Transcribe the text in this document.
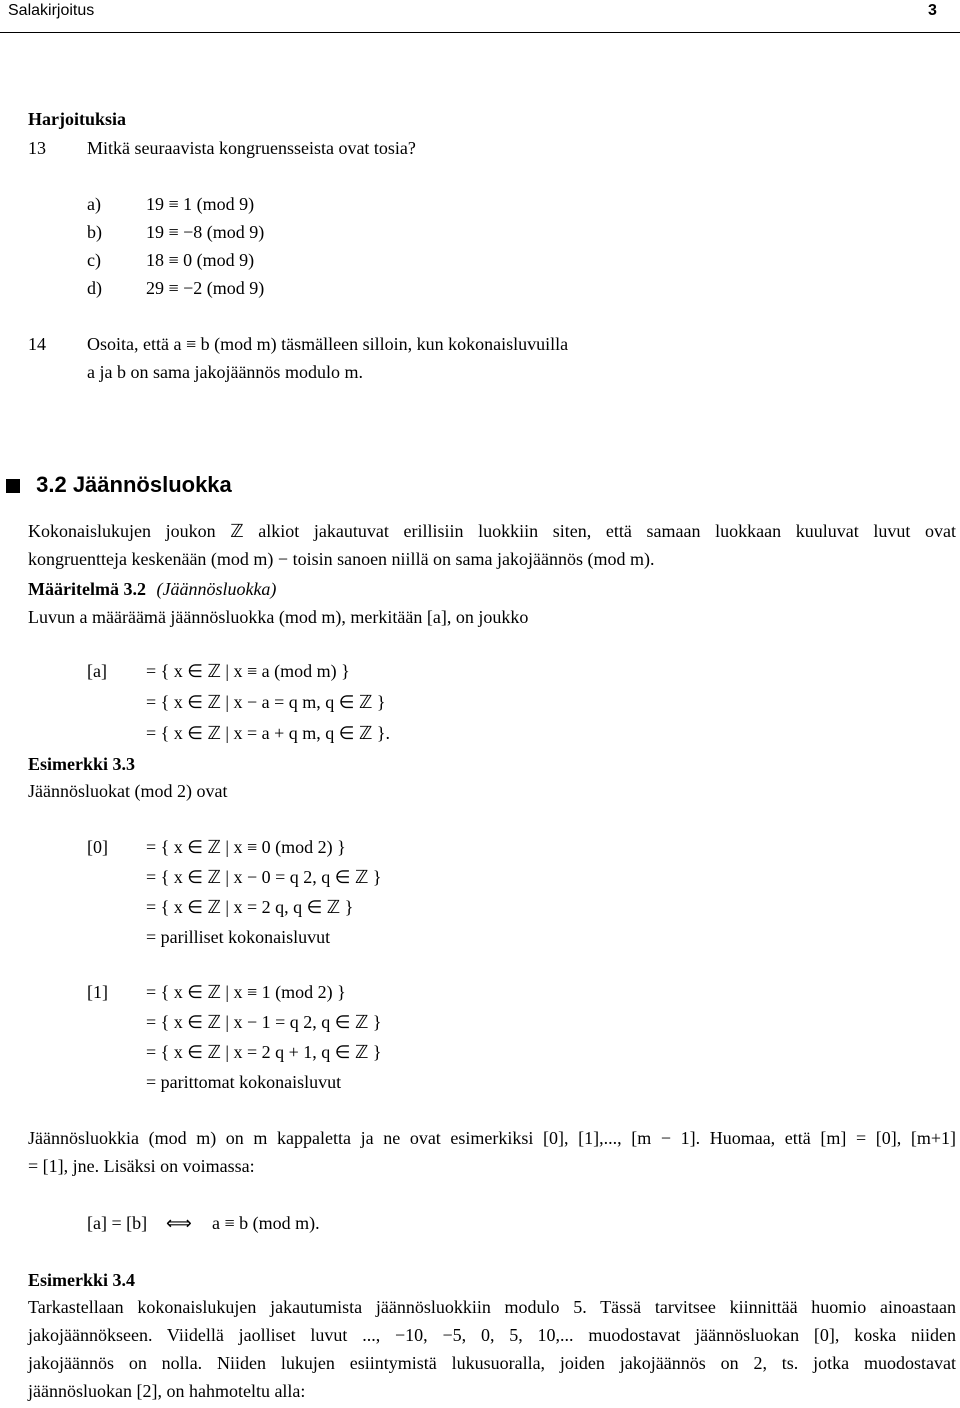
Salakirjoitus	3
Harjoituksia
13 Mitkä seuraavista kongruensseista ovat tosia?
a)	19 ≡ 1 (mod 9)
b) 19 ≡ −8 (mod 9)
c)	18 ≡ 0 (mod 9)
d) 29 ≡ −2 (mod 9)
14 Osoita, että a ≡ b (mod m) täsmälleen silloin, kun kokonaisluvuilla
a ja b on sama jakojäännös modulo m.
3.2 Jäännösluokka
Kokonaislukujen joukon ℤ alkiot jakautuvat erillisiin luokkiin siten, että samaan luokkaan kuuluvat luvut ovat
kongruentteja keskenään (mod m) − toisin sanoen niillä on sama jakojäännös (mod m).
Määritelmä 3.2 (Jäännösluokka)
Luvun a määräämä jäännösluokka (mod m), merkitään [a], on joukko
[a] = { x ∈ ℤ | x ≡ a (mod m) }
= { x ∈ ℤ | x − a = q m, q ∈ ℤ }
= { x ∈ ℤ | x = a + q m, q ∈ ℤ }.
Esimerkki 3.3
Jäännösluokat (mod 2) ovat
[0] = { x ∈ ℤ | x ≡ 0 (mod 2) }
= { x ∈ ℤ | x − 0 = q 2, q ∈ ℤ }
= { x ∈ ℤ | x = 2 q, q ∈ ℤ }
= parilliset kokonaisluvut
[1] = { x ∈ ℤ | x ≡ 1 (mod 2) }
= { x ∈ ℤ | x − 1 = q 2, q ∈ ℤ }
= { x ∈ ℤ | x = 2 q + 1, q ∈ ℤ }
= parittomat kokonaisluvut
Jäännösluokkia (mod m) on m kappaletta ja ne ovat esimerkiksi [0], [1],..., [m − 1]. Huomaa, että [m] = [0], [m+1]
= [1], jne. Lisäksi on voimassa:
[a] = [b] ⟺ a ≡ b (mod m).
Esimerkki 3.4
Tarkastellaan kokonaislukujen jakautumista jäännösluokkiin modulo 5. Tässä tarvitsee kiinnittää huomio ainoastaan
jakojäännökseen. Viidellä jaolliset luvut ..., −10, −5, 0, 5, 10,... muodostavat jäännösluokan [0], koska niiden
jakojäännös on nolla. Niiden lukujen esiintymistä lukusuoralla, joiden jakojäännös on 2, ts. jotka muodostavat
jäännösluokan [2], on hahmoteltu alla:
